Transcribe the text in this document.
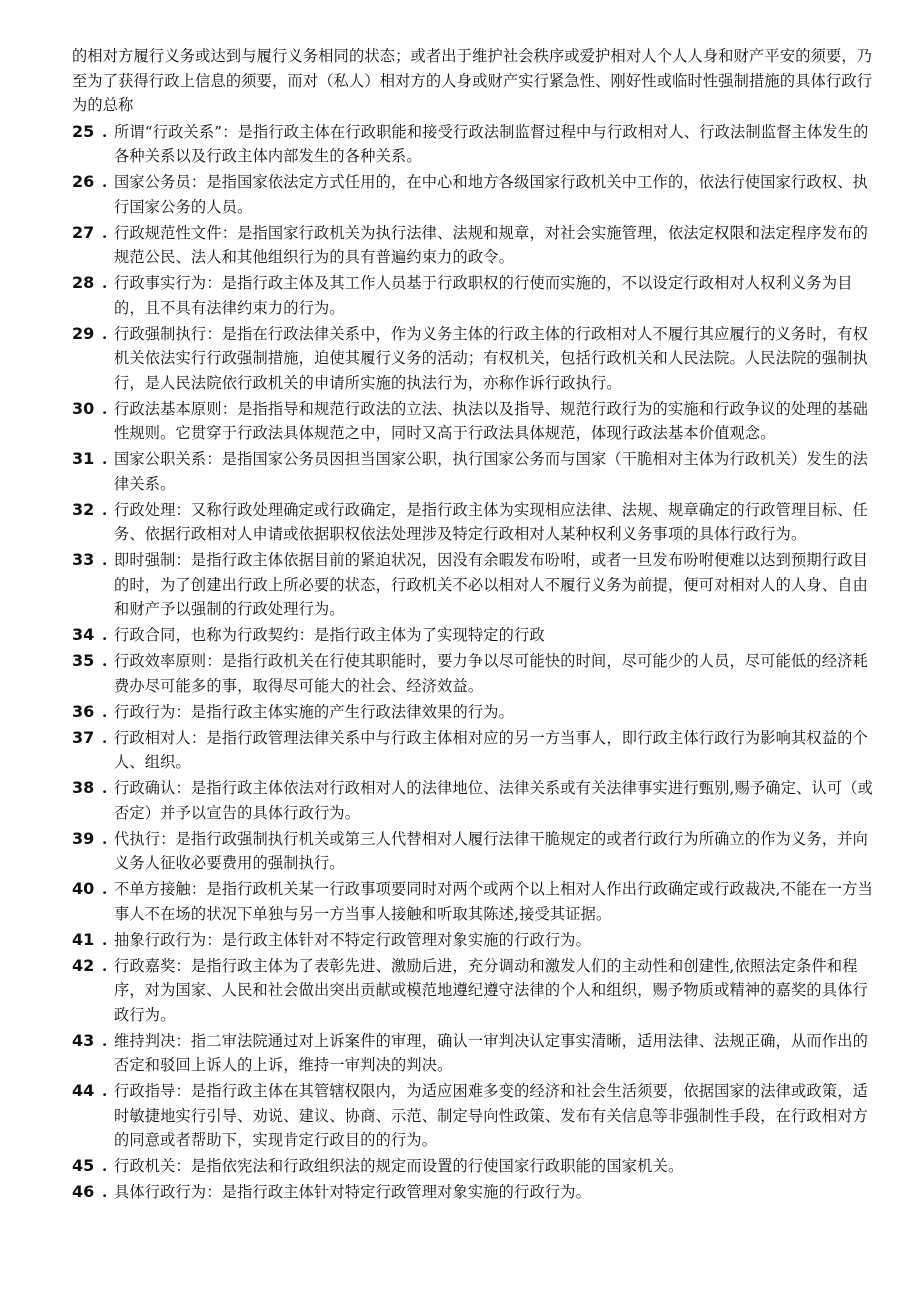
的相对方履行义务或达到与履行义务相同的状态；或者出于维护社会秩序或爱护相对人个人人身和财产平安的须要，乃至为了获得行政上信息的须要，而对（私人）相对方的人身或财产实行紧急性、刚好性或临时性强制措施的具体行政行为的总称

25 . 所谓“行政关系”：是指行政主体在行政职能和接受行政法制监督过程中与行政相对人、行政法制监督主体发生的各种关系以及行政主体内部发生的各种关系。
26 . 国家公务员：是指国家依法定方式任用的，在中心和地方各级国家行政机关中工作的，依法行使国家行政权、执行国家公务的人员。
27 . 行政规范性文件：是指国家行政机关为执行法律、法规和规章，对社会实施管理，依法定权限和法定程序发布的规范公民、法人和其他组织行为的具有普遍约束力的政令。
28 . 行政事实行为：是指行政主体及其工作人员基于行政职权的行使而实施的，不以设定行政相对人权利义务为目的，且不具有法律约束力的行为。
29 . 行政强制执行：是指在行政法律关系中，作为义务主体的行政主体的行政相对人不履行其应履行的义务时，有权机关依法实行行政强制措施，迫使其履行义务的活动；有权机关，包括行政机关和人民法院。人民法院的强制执行，是人民法院依行政机关的申请所实施的执法行为，亦称作诉行政执行。
30 . 行政法基本原则：是指指导和规范行政法的立法、执法以及指导、规范行政行为的实施和行政争议的处理的基础性规则。它贯穿于行政法具体规范之中，同时又高于行政法具体规范，体现行政法基本价值观念。
31 . 国家公职关系：是指国家公务员因担当国家公职，执行国家公务而与国家（干脆相对主体为行政机关）发生的法律关系。
32 . 行政处理：又称行政处理确定或行政确定，是指行政主体为实现相应法律、法规、规章确定的行政管理目标、任务、依据行政相对人申请或依据职权依法处理涉及特定行政相对人某种权利义务事项的具体行政行为。
33 . 即时强制：是指行政主体依据目前的紧迫状况，因没有余暇发布吩咐，或者一旦发布吩咐便难以达到预期行政目的时，为了创建出行政上所必要的状态，行政机关不必以相对人不履行义务为前提，便可对相对人的人身、自由和财产予以强制的行政处理行为。
34 . 行政合同，也称为行政契约：是指行政主体为了实现特定的行政
35 . 行政效率原则：是指行政机关在行使其职能时，要力争以尽可能快的时间，尽可能少的人员，尽可能低的经济耗费办尽可能多的事，取得尽可能大的社会、经济效益。
36 . 行政行为：是指行政主体实施的产生行政法律效果的行为。
37 . 行政相对人：是指行政管理法律关系中与行政主体相对应的另一方当事人，即行政主体行政行为影响其权益的个人、组织。
38 . 行政确认：是指行政主体依法对行政相对人的法律地位、法律关系或有关法律事实进行甄别,赐予确定、认可（或否定）并予以宣告的具体行政行为。
39 . 代执行：是指行政强制执行机关或第三人代替相对人履行法律干脆规定的或者行政行为所确立的作为义务，并向义务人征收必要费用的强制执行。
40 . 不单方接触：是指行政机关某一行政事项要同时对两个或两个以上相对人作出行政确定或行政裁决,不能在一方当事人不在场的状况下单独与另一方当事人接触和听取其陈述,接受其证据。
41 . 抽象行政行为：是行政主体针对不特定行政管理对象实施的行政行为。
42 . 行政嘉奖：是指行政主体为了表彰先进、激励后进，充分调动和激发人们的主动性和创建性,依照法定条件和程序，对为国家、人民和社会做出突出贡献或模范地遵纪遵守法律的个人和组织，赐予物质或精神的嘉奖的具体行政行为。
43 . 维持判决：指二审法院通过对上诉案件的审理，确认一审判决认定事实清晰，适用法律、法规正确，从而作出的否定和驳回上诉人的上诉，维持一审判决的判决。
44 . 行政指导：是指行政主体在其管辖权限内，为适应困难多变的经济和社会生活须要，依据国家的法律或政策，适时敏捷地实行引导、劝说、建议、协商、示范、制定导向性政策、发布有关信息等非强制性手段，在行政相对方的同意或者帮助下，实现肯定行政目的的行为。
45 . 行政机关：是指依宪法和行政组织法的规定而设置的行使国家行政职能的国家机关。
46 . 具体行政行为：是指行政主体针对特定行政管理对象实施的行政行为。
